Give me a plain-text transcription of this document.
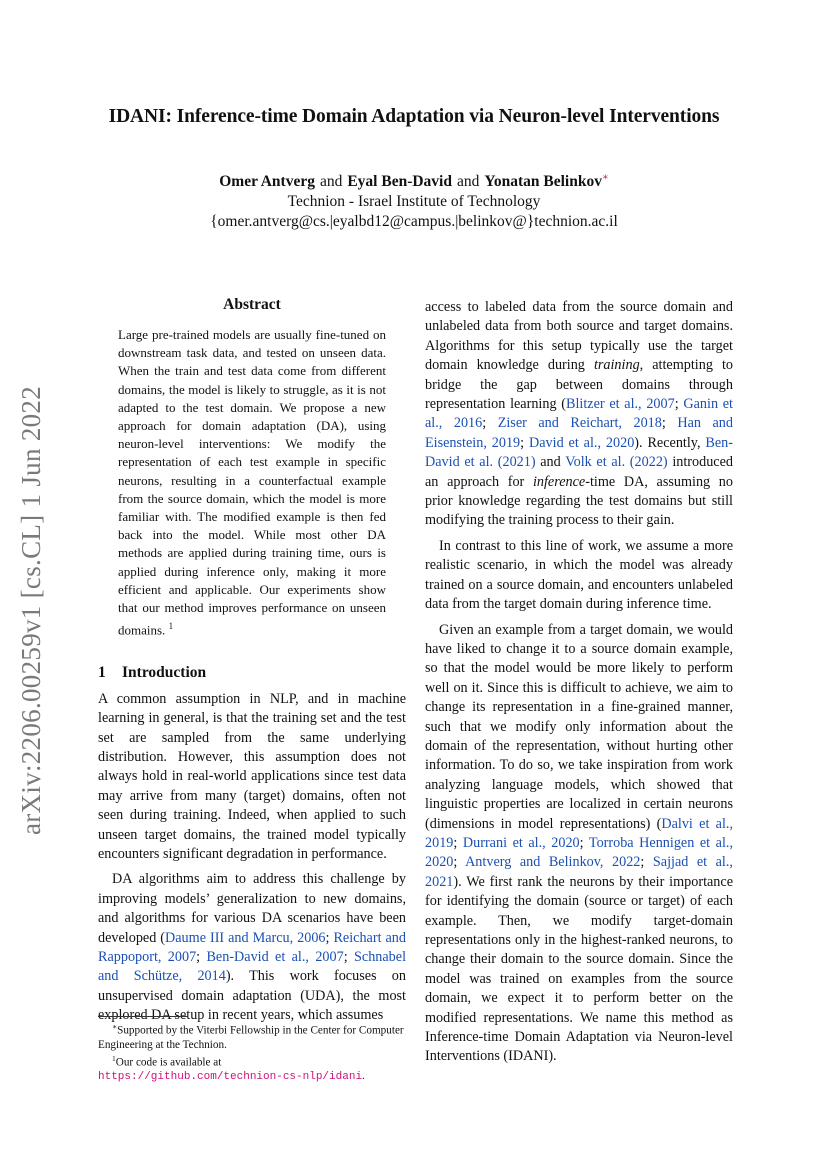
arXiv:2206.00259v1 [cs.CL] 1 Jun 2022
IDANI: Inference-time Domain Adaptation via Neuron-level Interventions
Omer Antverg and Eyal Ben-David and Yonatan Belinkov∗
Technion - Israel Institute of Technology
{omer.antverg@cs.|eyalbd12@campus.|belinkov@}technion.ac.il
Abstract
Large pre-trained models are usually fine-tuned on downstream task data, and tested on unseen data. When the train and test data come from different domains, the model is likely to struggle, as it is not adapted to the test domain. We propose a new approach for domain adaptation (DA), using neuron-level interventions: We modify the representation of each test example in specific neurons, resulting in a counterfactual example from the source domain, which the model is more familiar with. The modified example is then fed back into the model. While most other DA methods are applied during training time, ours is applied during inference only, making it more efficient and applicable. Our experiments show that our method improves performance on unseen domains. $^1$
1 Introduction

A common assumption in NLP, and in machine learning in general, is that the training set and the test set are sampled from the same underlying distribution. However, this assumption does not always hold in real-world applications since test data may arrive from many (target) domains, often not seen during training. Indeed, when applied to such unseen target domains, the trained model typically encounters significant degradation in performance.

DA algorithms aim to address this challenge by improving models’ generalization to new domains, and algorithms for various DA scenarios have been developed (Daume III and Marcu, 2006; Reichart and Rappoport, 2007; Ben-David et al., 2007; Schnabel and Schütze, 2014). This work focuses on unsupervised domain adaptation (UDA), the most explored DA setup in recent years, which assumes

access to labeled data from the source domain and unlabeled data from both source and target domains. Algorithms for this setup typically use the target domain knowledge during training, attempting to bridge the gap between domains through representation learning (Blitzer et al., 2007; Ganin et al., 2016; Ziser and Reichart, 2018; Han and Eisenstein, 2019; David et al., 2020). Recently, Ben-David et al. (2021) and Volk et al. (2022) introduced an approach for inference-time DA, assuming no prior knowledge regarding the test domains but still modifying the training process to their gain.

In contrast to this line of work, we assume a more realistic scenario, in which the model was already trained on a source domain, and encounters unlabeled data from the target domain during inference time.

Given an example from a target domain, we would have liked to change it to a source domain example, so that the model would be more likely to perform well on it. Since this is difficult to achieve, we aim to change its representation in a fine-grained manner, such that we modify only information about the domain of the representation, without hurting other information. To do so, we take inspiration from work analyzing language models, which showed that linguistic properties are localized in certain neurons (dimensions in model representations) (Dalvi et al., 2019; Durrani et al., 2020; Torroba Hennigen et al., 2020; Antverg and Belinkov, 2022; Sajjad et al., 2021). We first rank the neurons by their importance for identifying the domain (source or target) of each example. Then, we modify target-domain representations only in the highest-ranked neurons, to change their domain to the source domain. Since the model was trained on examples from the source domain, we expect it to perform better on the modified representations. We name this method as Inference-time Domain Adaptation via Neuron-level Interventions (IDANI).

∗Supported by the Viterbi Fellowship in the Center for Computer Engineering at the Technion.

$^1$Our code is available at https://github.com/technion-cs-nlp/idani.
